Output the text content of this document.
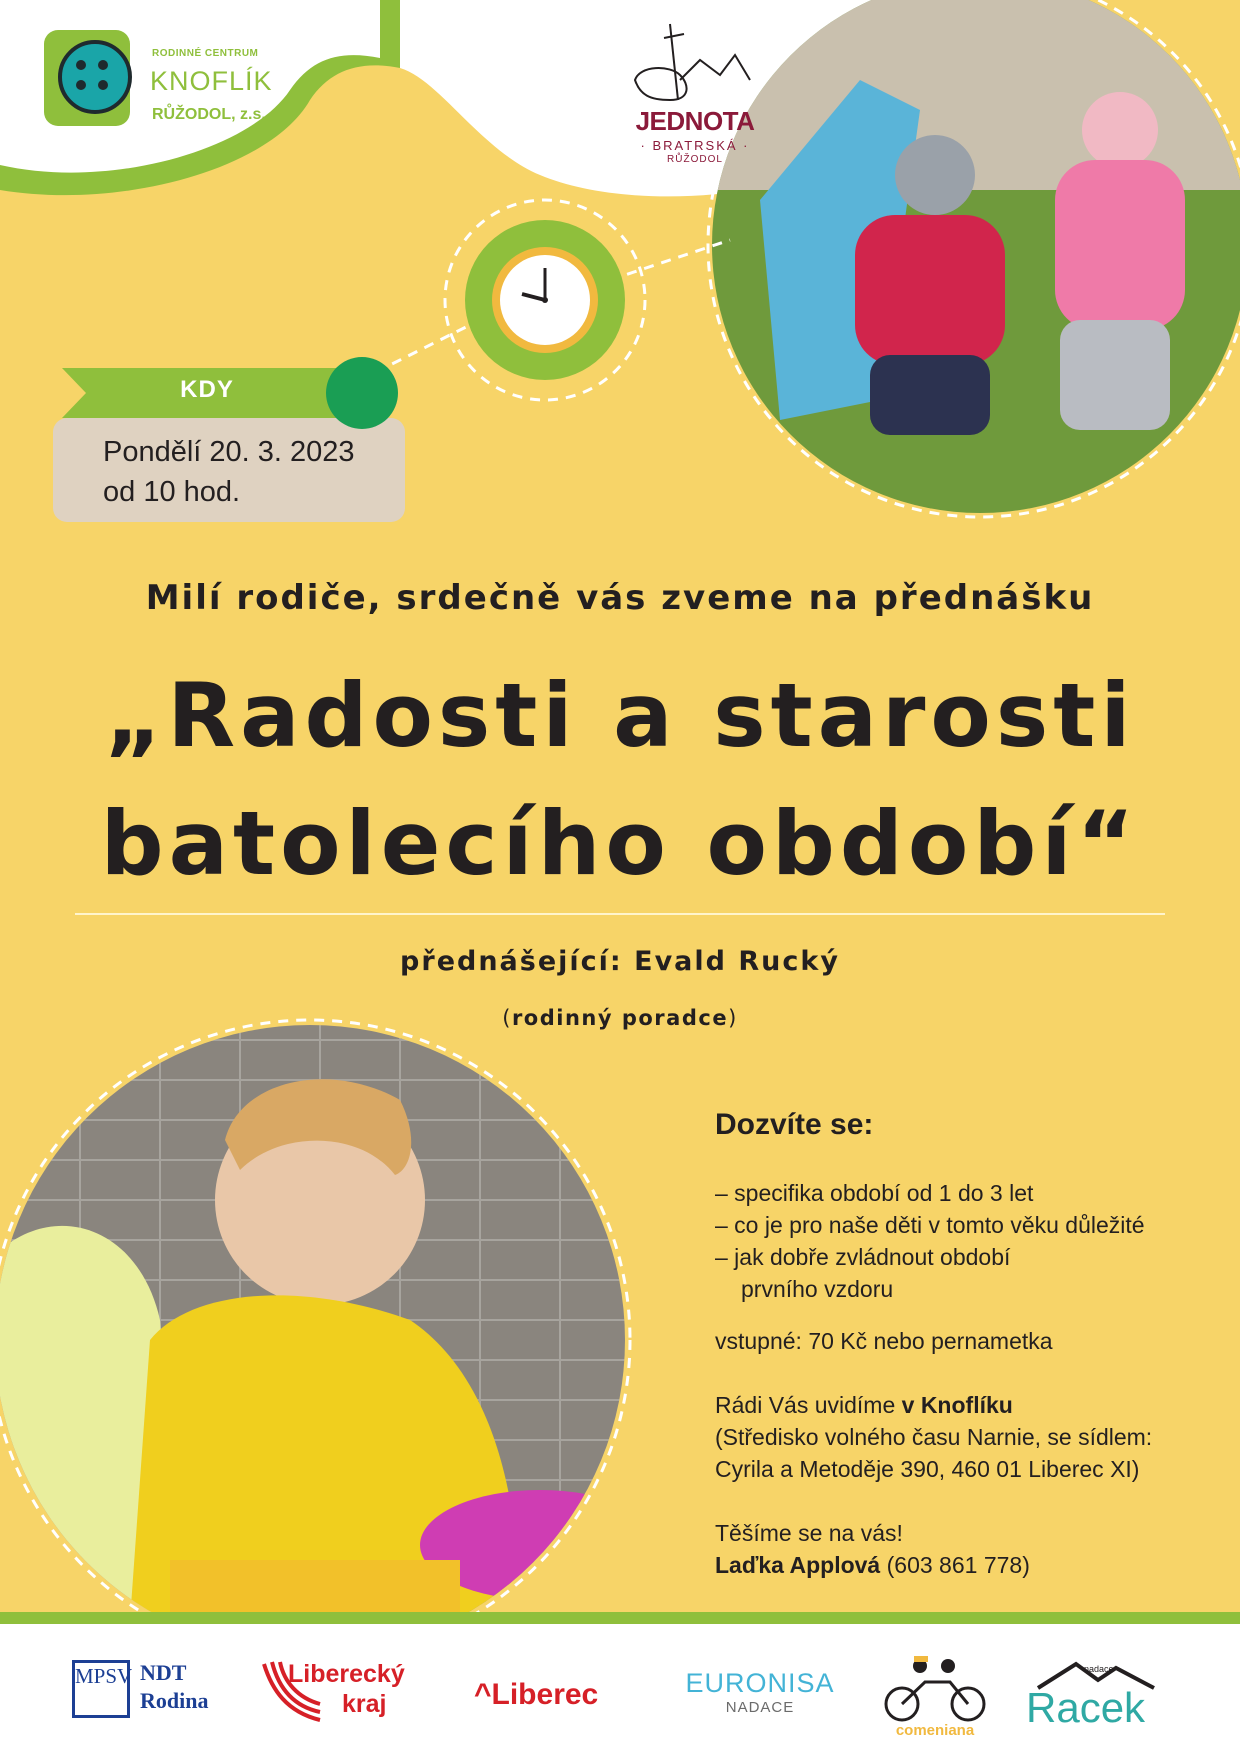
RODINNÉ CENTRUM
KNOFLÍK
RŮŽODOL, z.s.	JEDNOTA
· BRATRSKÁ ·
RŮŽODOL
KDY
Pondělí 20. 3. 2023
od 10 hod.
Milí rodiče, srdečně vás zveme na přednášku
„Radosti a starosti
batolecího období“
přednášející: Evald Rucký
(rodinný poradce)
Dozvíte se:
– specifika období od 1 do 3 let
– co je pro naše děti v tomto věku důležité
– jak dobře zvládnout období
prvního vzdoru
vstupné: 70 Kč nebo pernametka
Rádi Vás uvidíme v Knoflíku
(Středisko volného času Narnie, se sídlem:
Cyrila a Metoděje 390, 460 01 Liberec XI)
Těšíme se na vás!
Laďka Applová (603 861 778)
MPSV NDT
Rodina
Liberecký
kraj	^Liberec	EURONISA
NADACE
comeniana
nadace
Racek
